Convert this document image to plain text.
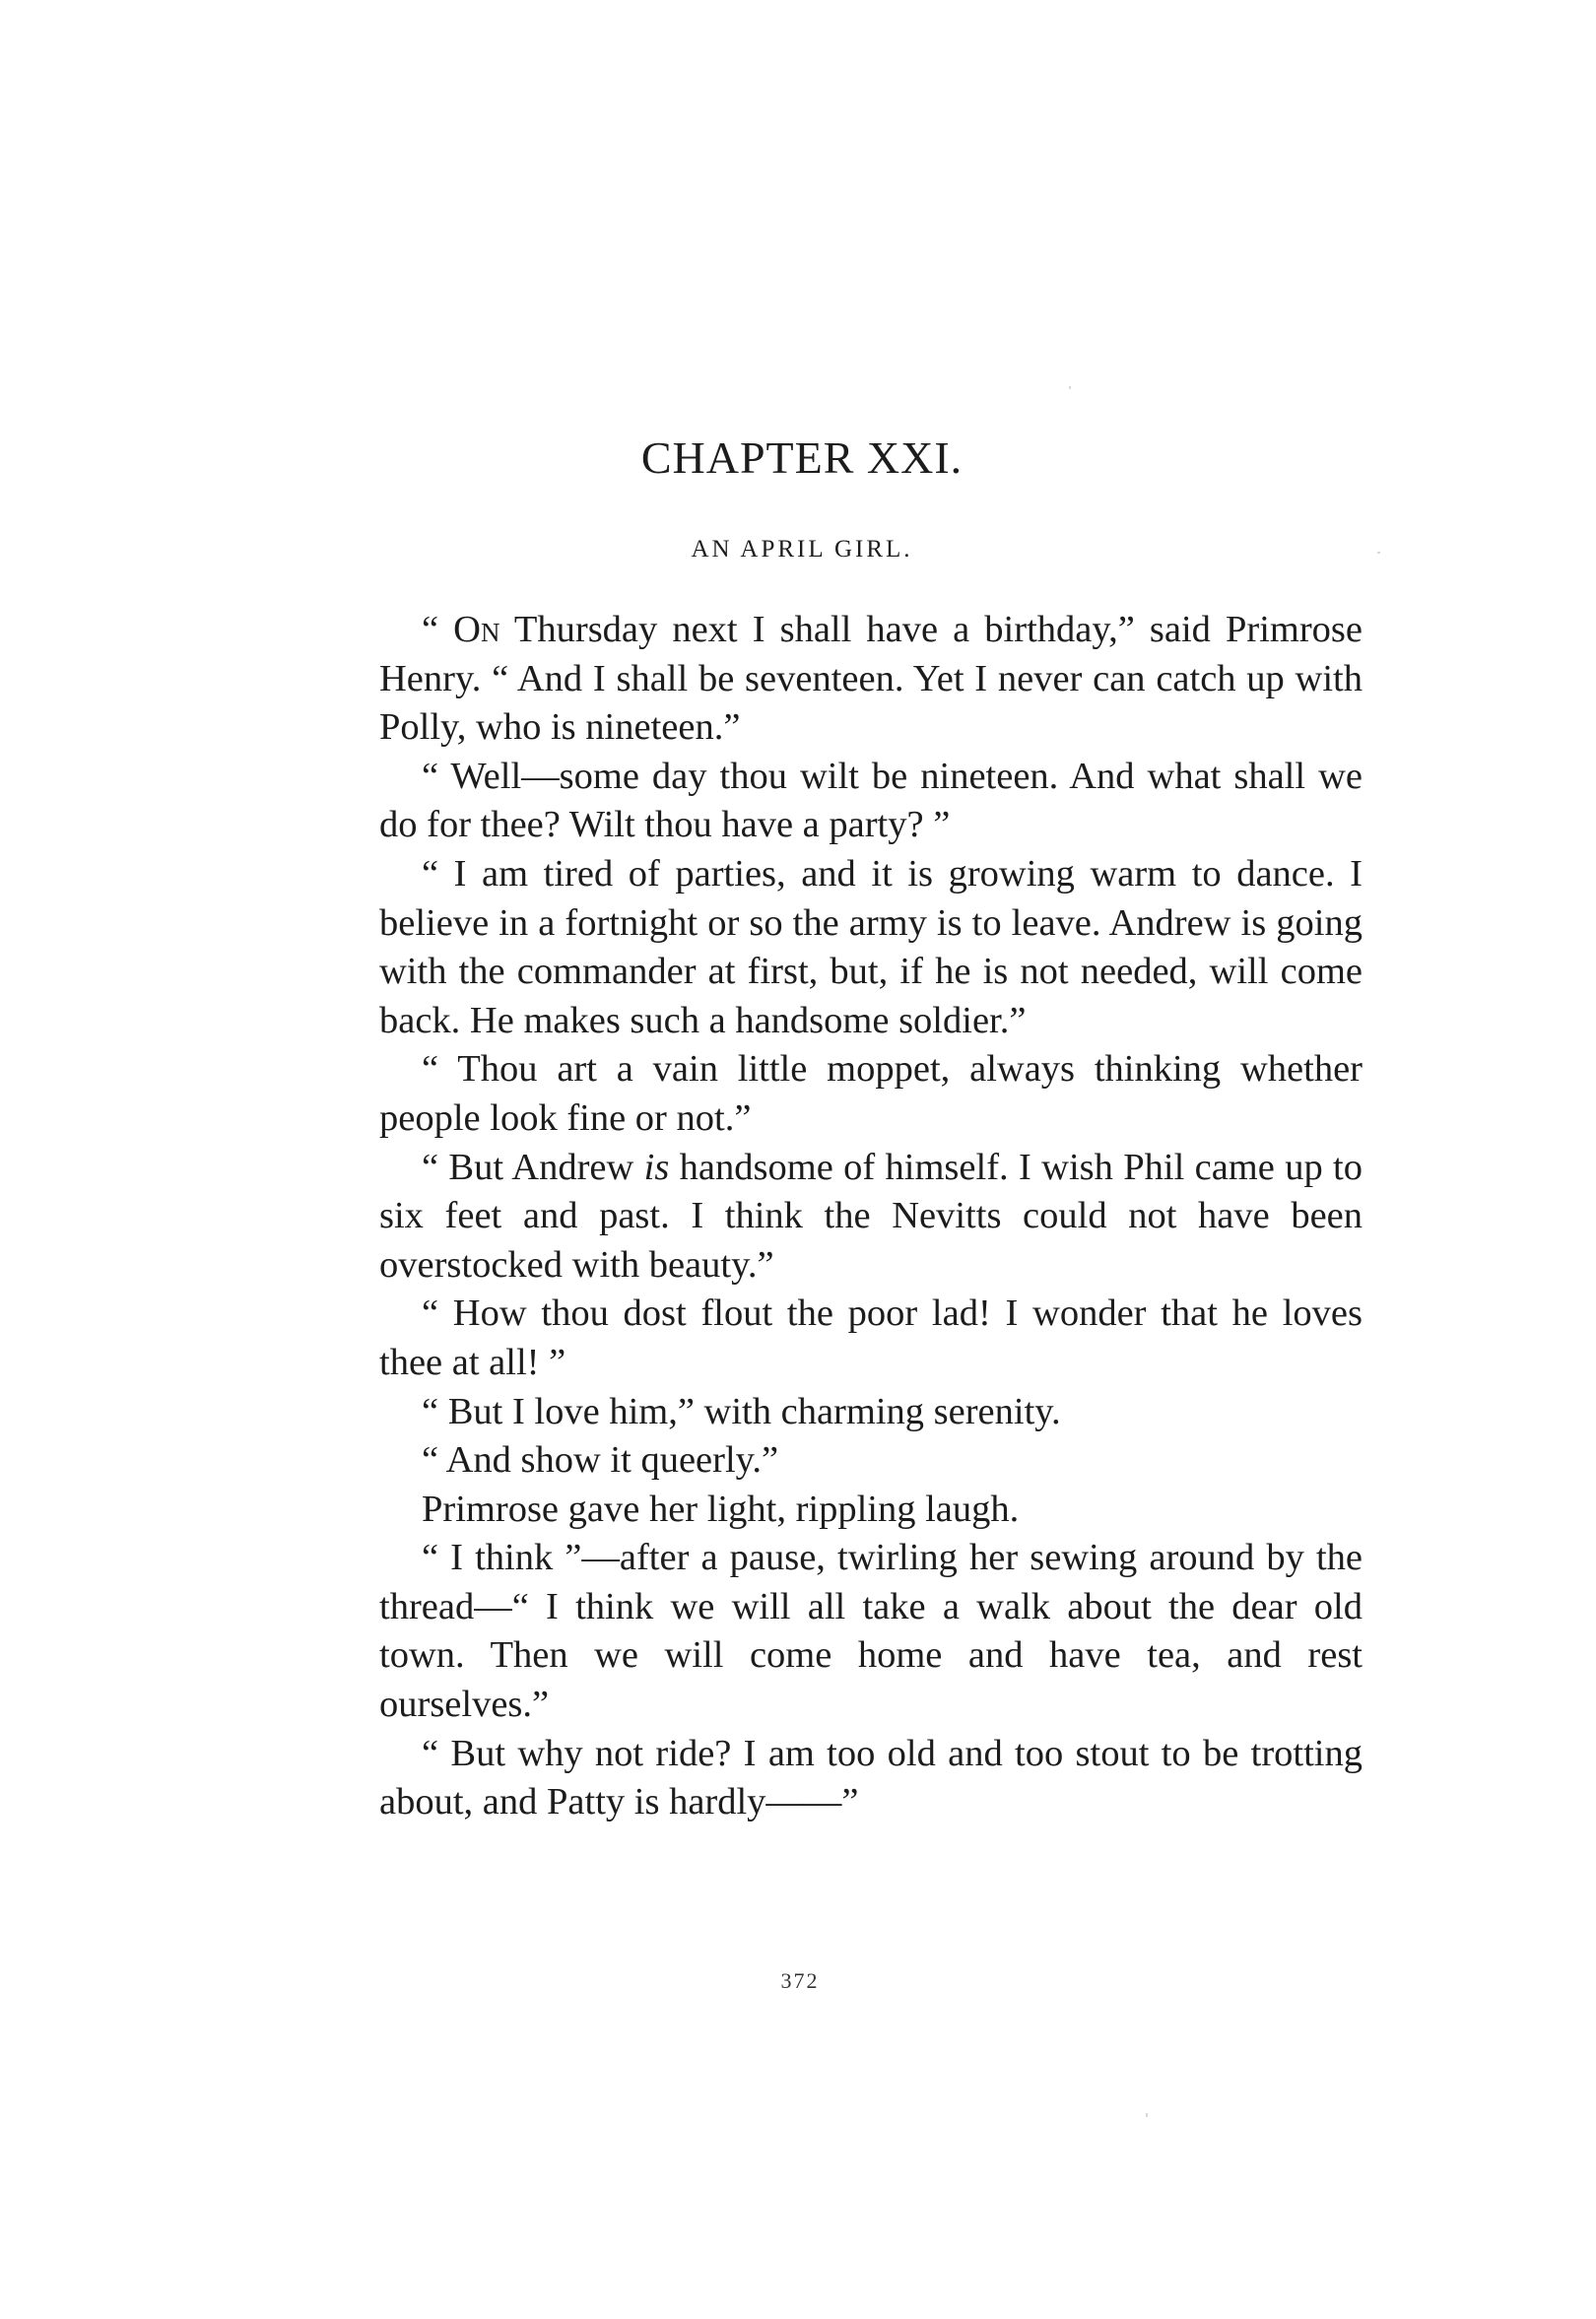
CHAPTER XXI.
AN APRIL GIRL.

“ On Thursday next I shall have a birthday,” said Primrose Henry. “ And I shall be seventeen. Yet I never can catch up with Polly, who is nineteen.”

“ Well—some day thou wilt be nineteen. And what shall we do for thee? Wilt thou have a party? ”

“ I am tired of parties, and it is growing warm to dance. I believe in a fortnight or so the army is to leave. Andrew is going with the commander at first, but, if he is not needed, will come back. He makes such a handsome soldier.”

“ Thou art a vain little moppet, always thinking whether people look fine or not.”

“ But Andrew is handsome of himself. I wish Phil came up to six feet and past. I think the Nevitts could not have been overstocked with beauty.”

“ How thou dost flout the poor lad! I wonder that he loves thee at all! ”

“ But I love him,” with charming serenity.

“ And show it queerly.”

Primrose gave her light, rippling laugh.

“ I think ”—after a pause, twirling her sewing around by the thread—“ I think we will all take a walk about the dear old town. Then we will come home and have tea, and rest ourselves.”

“ But why not ride? I am too old and too stout to be trotting about, and Patty is hardly——”

372
